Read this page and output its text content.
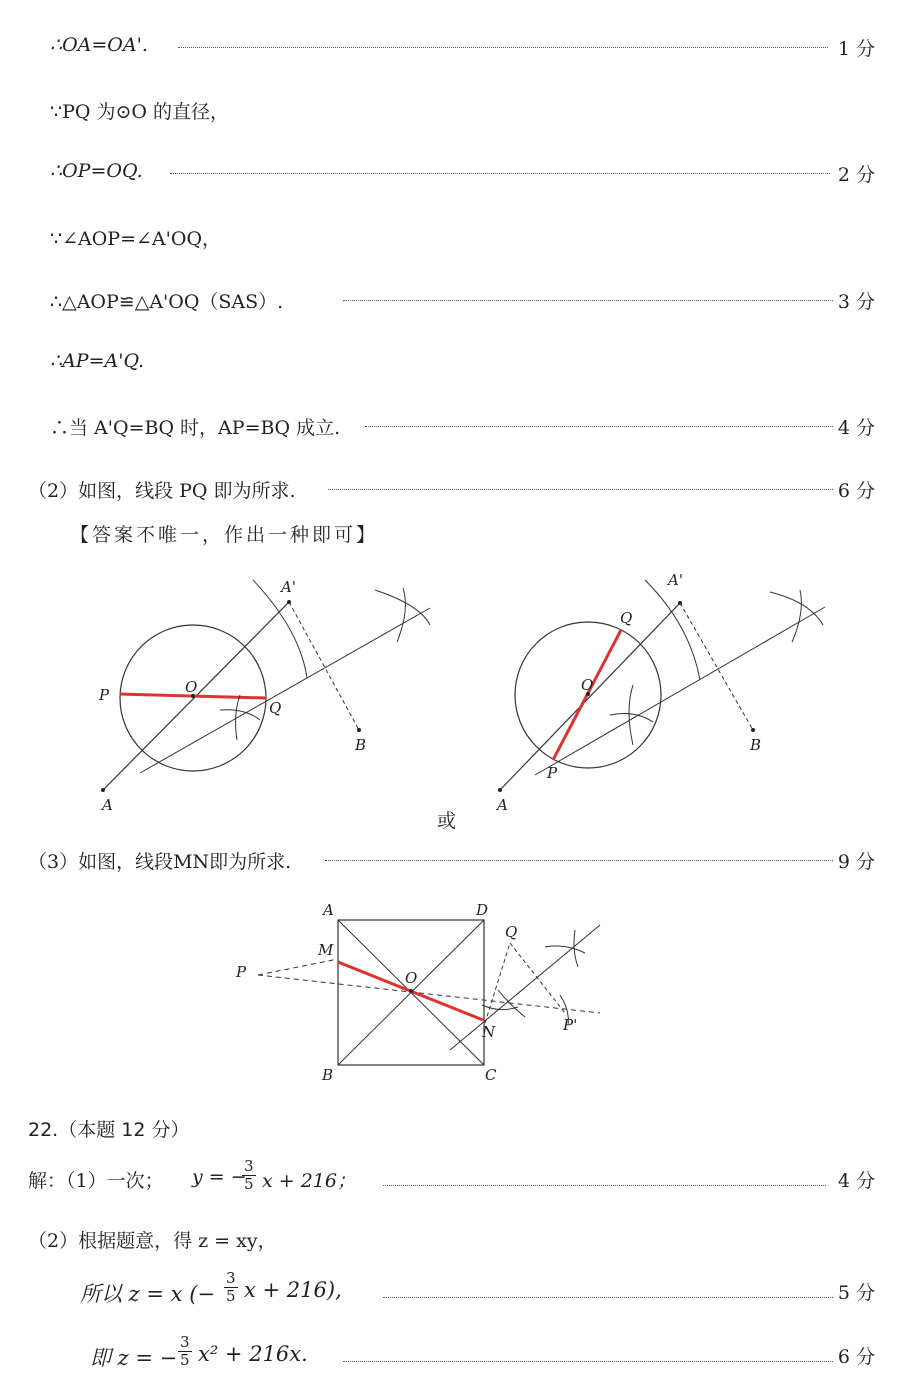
∴OA=OA'.	1 分
∵PQ 为⊙O 的直径，
∴OP=OQ.	2 分
∵∠AOP=∠A'OQ，
∴△AOP≌△A'OQ（SAS）.	3 分
∴AP=A'Q.
∴当 A'Q=BQ 时，AP=BQ 成立.	4 分
（2）如图，线段 PQ 即为所求.	6 分
【答案不唯一，作出一种即可】
A'
P	O
Q
B
A
或
A'
Q
O
P
B
A
（3）如图，线段MN即为所求.	9 分
A	D
Q
M
P	O
N	P'
B	C
22.（本题 12 分）
解：（1）一次； y = −
$\frac{3}{5}$ x + 216；	4 分
（2）根据题意，得 z = xy，
所以 z = x (− $\frac{3}{5}$ x + 216),	5 分
即 z = − $\frac{3}{5} x^2 + 216x$.	6 分
